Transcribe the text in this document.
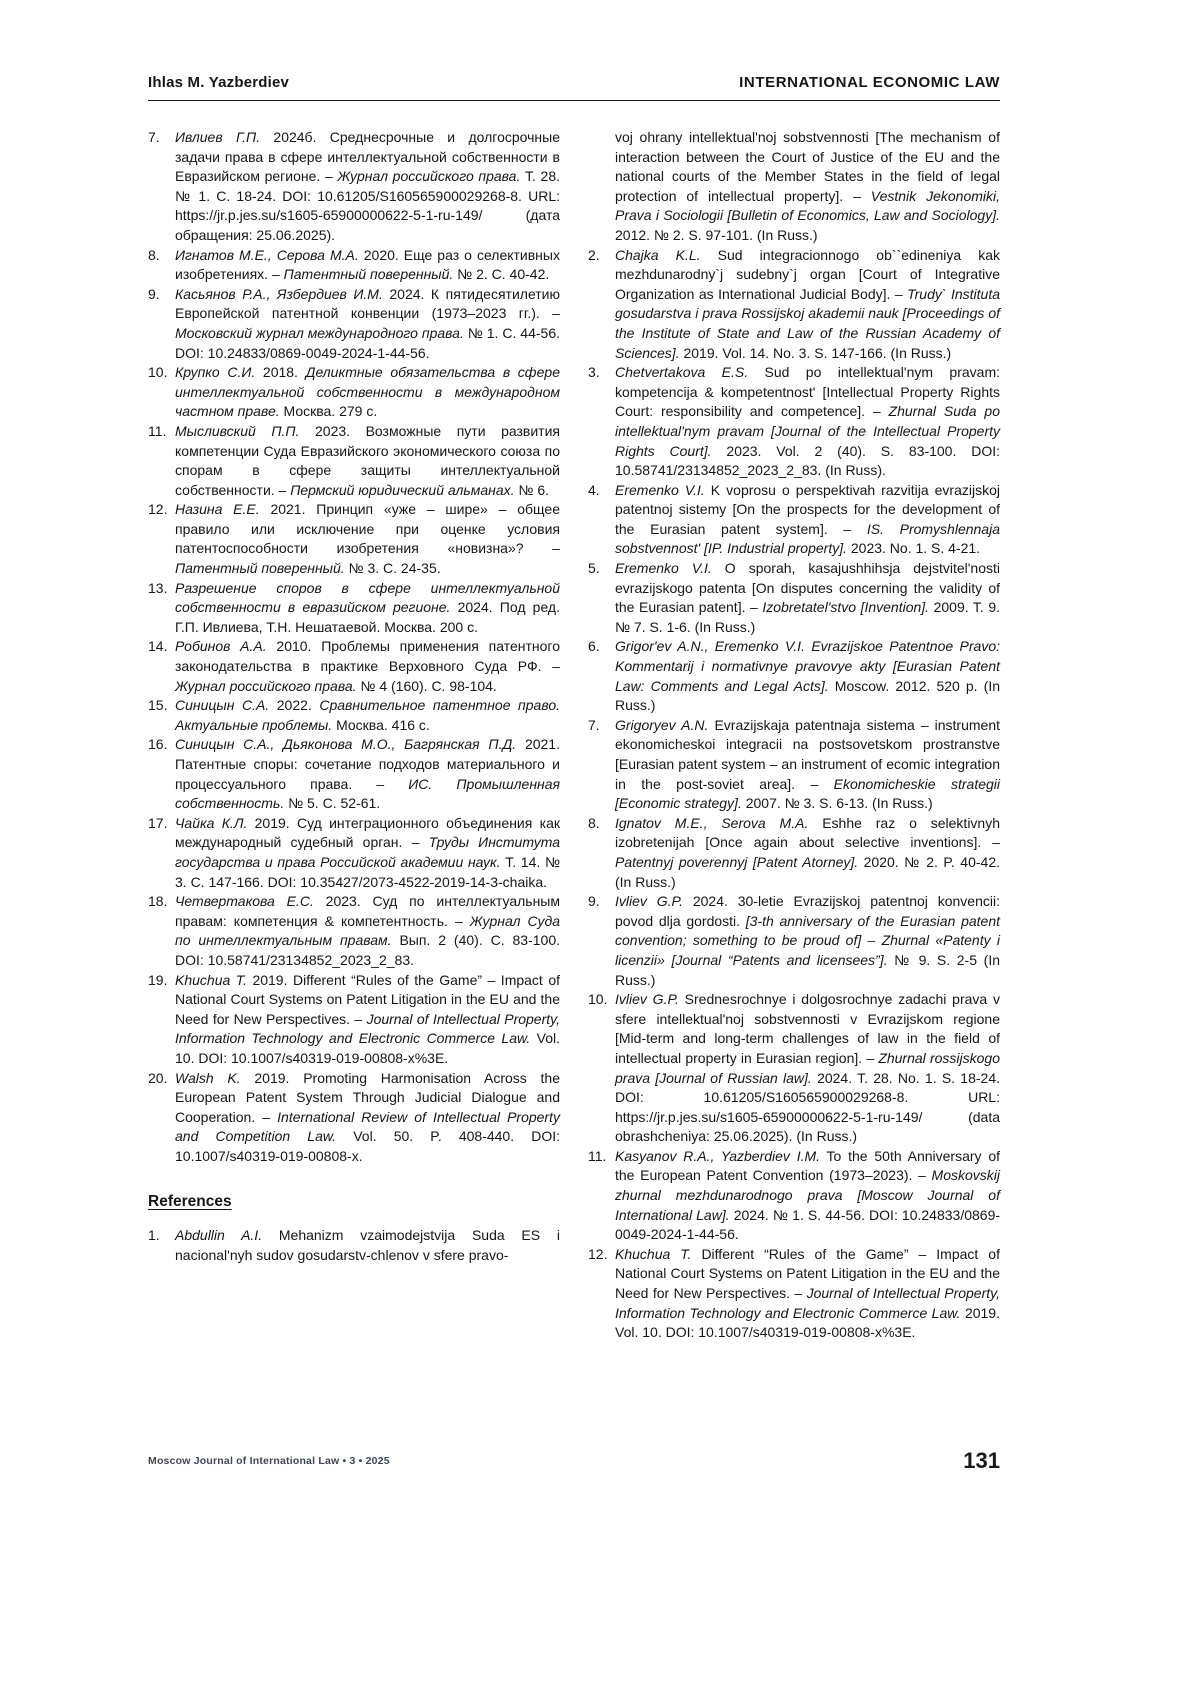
Ihlas M. Yazberdiev	INTERNATIONAL ECONOMIC LAW
7. Ивлиев Г.П. 2024б. Среднесрочные и долгосрочные задачи права в сфере интеллектуальной собственности в Евразийском регионе. – Журнал российского права. Т. 28. № 1. С. 18-24. DOI: 10.61205/S160565900029268-8. URL: https://jr.p.jes.su/s1605-65900000622-5-1-ru-149/ (дата обращения: 25.06.2025).
8. Игнатов М.Е., Серова М.А. 2020. Еще раз о селективных изобретениях. – Патентный поверенный. № 2. С. 40-42.
9. Касьянов Р.А., Язбердиев И.М. 2024. К пятидесятилетию Европейской патентной конвенции (1973–2023 гг.). – Московский журнал международного права. № 1. С. 44-56. DOI: 10.24833/0869-0049-2024-1-44-56.
10. Крупко С.И. 2018. Деликтные обязательства в сфере интеллектуальной собственности в международном частном праве. Москва. 279 с.
11. Мысливский П.П. 2023. Возможные пути развития компетенции Суда Евразийского экономического союза по спорам в сфере защиты интеллектуальной собственности. – Пермский юридический альманах. № 6.
12. Назина Е.Е. 2021. Принцип «уже – шире» – общее правило или исключение при оценке условия патентоспособности изобретения «новизна»? – Патентный поверенный. № 3. С. 24-35.
13. Разрешение споров в сфере интеллектуальной собственности в евразийском регионе. 2024. Под ред. Г.П. Ивлиева, Т.Н. Нешатаевой. Москва. 200 с.
14. Робинов А.А. 2010. Проблемы применения патентного законодательства в практике Верховного Суда РФ. – Журнал российского права. № 4 (160). С. 98-104.
15. Синицын С.А. 2022. Сравнительное патентное право. Актуальные проблемы. Москва. 416 с.
16. Синицын С.А., Дьяконова М.О., Багрянская П.Д. 2021. Патентные споры: сочетание подходов материального и процессуального права. – ИС. Промышленная собственность. № 5. С. 52-61.
17. Чайка К.Л. 2019. Суд интеграционного объединения как международный судебный орган. – Труды Института государства и права Российской академии наук. Т. 14. № 3. С. 147-166. DOI: 10.35427/2073-4522-2019-14-3-chaika.
18. Четвертакова Е.С. 2023. Суд по интеллектуальным правам: компетенция & компетентность. – Журнал Суда по интеллектуальным правам. Вып. 2 (40). С. 83-100. DOI: 10.58741/23134852_2023_2_83.
19. Khuchua T. 2019. Different “Rules of the Game” – Impact of National Court Systems on Patent Litigation in the EU and the Need for New Perspectives. – Journal of Intellectual Property, Information Technology and Electronic Commerce Law. Vol. 10. DOI: 10.1007/s40319-019-00808-x%3E.
20. Walsh K. 2019. Promoting Harmonisation Across the European Patent System Through Judicial Dialogue and Cooperation. – International Review of Intellectual Property and Competition Law. Vol. 50. P. 408-440. DOI: 10.1007/s40319-019-00808-x.
References
1. Abdullin A.I. Mehanizm vzaimodejstvija Suda ES i nacional'nyh sudov gosudarstv-chlenov v sfere pravo-
voj ohrany intellektual'noj sobstvennosti [The mechanism of interaction between the Court of Justice of the EU and the national courts of the Member States in the field of legal protection of intellectual property]. – Vestnik Jekonomiki, Prava i Sociologii [Bulletin of Economics, Law and Sociology]. 2012. № 2. S. 97-101. (In Russ.)
2. Chajka K.L. Sud integracionnogo ob``edineniya kak mezhdunarodny`j sudebny`j organ [Court of Integrative Organization as International Judicial Body]. – Trudy` Instituta gosudarstva i prava Rossijskoj akademii nauk [Proceedings of the Institute of State and Law of the Russian Academy of Sciences]. 2019. Vol. 14. No. 3. S. 147-166. (In Russ.)
3. Chetvertakova E.S. Sud po intellektual'nym pravam: kompetencija & kompetentnost' [Intellectual Property Rights Court: responsibility and competence]. – Zhurnal Suda po intellektual'nym pravam [Journal of the Intellectual Property Rights Court]. 2023. Vol. 2 (40). S. 83-100. DOI: 10.58741/23134852_2023_2_83. (In Russ).
4. Eremenko V.I. K voprosu o perspektivah razvitija evrazijskoj patentnoj sistemy [On the prospects for the development of the Eurasian patent system]. – IS. Promyshlennaja sobstvennost' [IP. Industrial property]. 2023. No. 1. S. 4-21.
5. Eremenko V.I. O sporah, kasajushhihsja dejstvitel'nosti evrazijskogo patenta [On disputes concerning the validity of the Eurasian patent]. – Izobretatel'stvo [Invention]. 2009. T. 9. № 7. S. 1-6. (In Russ.)
6. Grigor'ev A.N., Eremenko V.I. Evrazijskoe Patentnoe Pravo: Kommentarij i normativnye pravovye akty [Eurasian Patent Law: Comments and Legal Acts]. Moscow. 2012. 520 p. (In Russ.)
7. Grigoryev A.N. Evrazijskaja patentnaja sistema – instrument ekonomicheskoi integracii na postsovetskom prostranstve [Eurasian patent system – an instrument of ecomic integration in the post-soviet area]. – Ekonomicheskie strategii [Economic strategy]. 2007. № 3. S. 6-13. (In Russ.)
8. Ignatov M.E., Serova M.A. Eshhe raz o selektivnyh izobretenijah [Once again about selective inventions]. – Patentnyj poverennyj [Patent Atorney]. 2020. № 2. P. 40-42. (In Russ.)
9. Ivliev G.P. 2024. 30-letie Evrazijskoj patentnoj konvencii: povod dlja gordosti. [3-th anniversary of the Eurasian patent convention; something to be proud of] – Zhurnal «Patenty i licenzii» [Journal “Patents and licensees”]. № 9. S. 2-5 (In Russ.)
10. Ivliev G.P. Srednesrochnye i dolgosrochnye zadachi prava v sfere intellektual'noj sobstvennosti v Evrazijskom regione [Mid-term and long-term challenges of law in the field of intellectual property in Eurasian region]. – Zhurnal rossijskogo prava [Journal of Russian law]. 2024. T. 28. No. 1. S. 18-24. DOI: 10.61205/S160565900029268-8. URL: https://jr.p.jes.su/s1605-65900000622-5-1-ru-149/ (data obrashcheniya: 25.06.2025). (In Russ.)
11. Kasyanov R.A., Yazberdiev I.M. To the 50th Anniversary of the European Patent Convention (1973–2023). – Moskovskij zhurnal mezhdunarodnogo prava [Moscow Journal of International Law]. 2024. № 1. S. 44-56. DOI: 10.24833/0869-0049-2024-1-44-56.
12. Khuchua T. Different “Rules of the Game” – Impact of National Court Systems on Patent Litigation in the EU and the Need for New Perspectives. – Journal of Intellectual Property, Information Technology and Electronic Commerce Law. 2019. Vol. 10. DOI: 10.1007/s40319-019-00808-x%3E.
Moscow Journal of International Law • 3 • 2025	131
